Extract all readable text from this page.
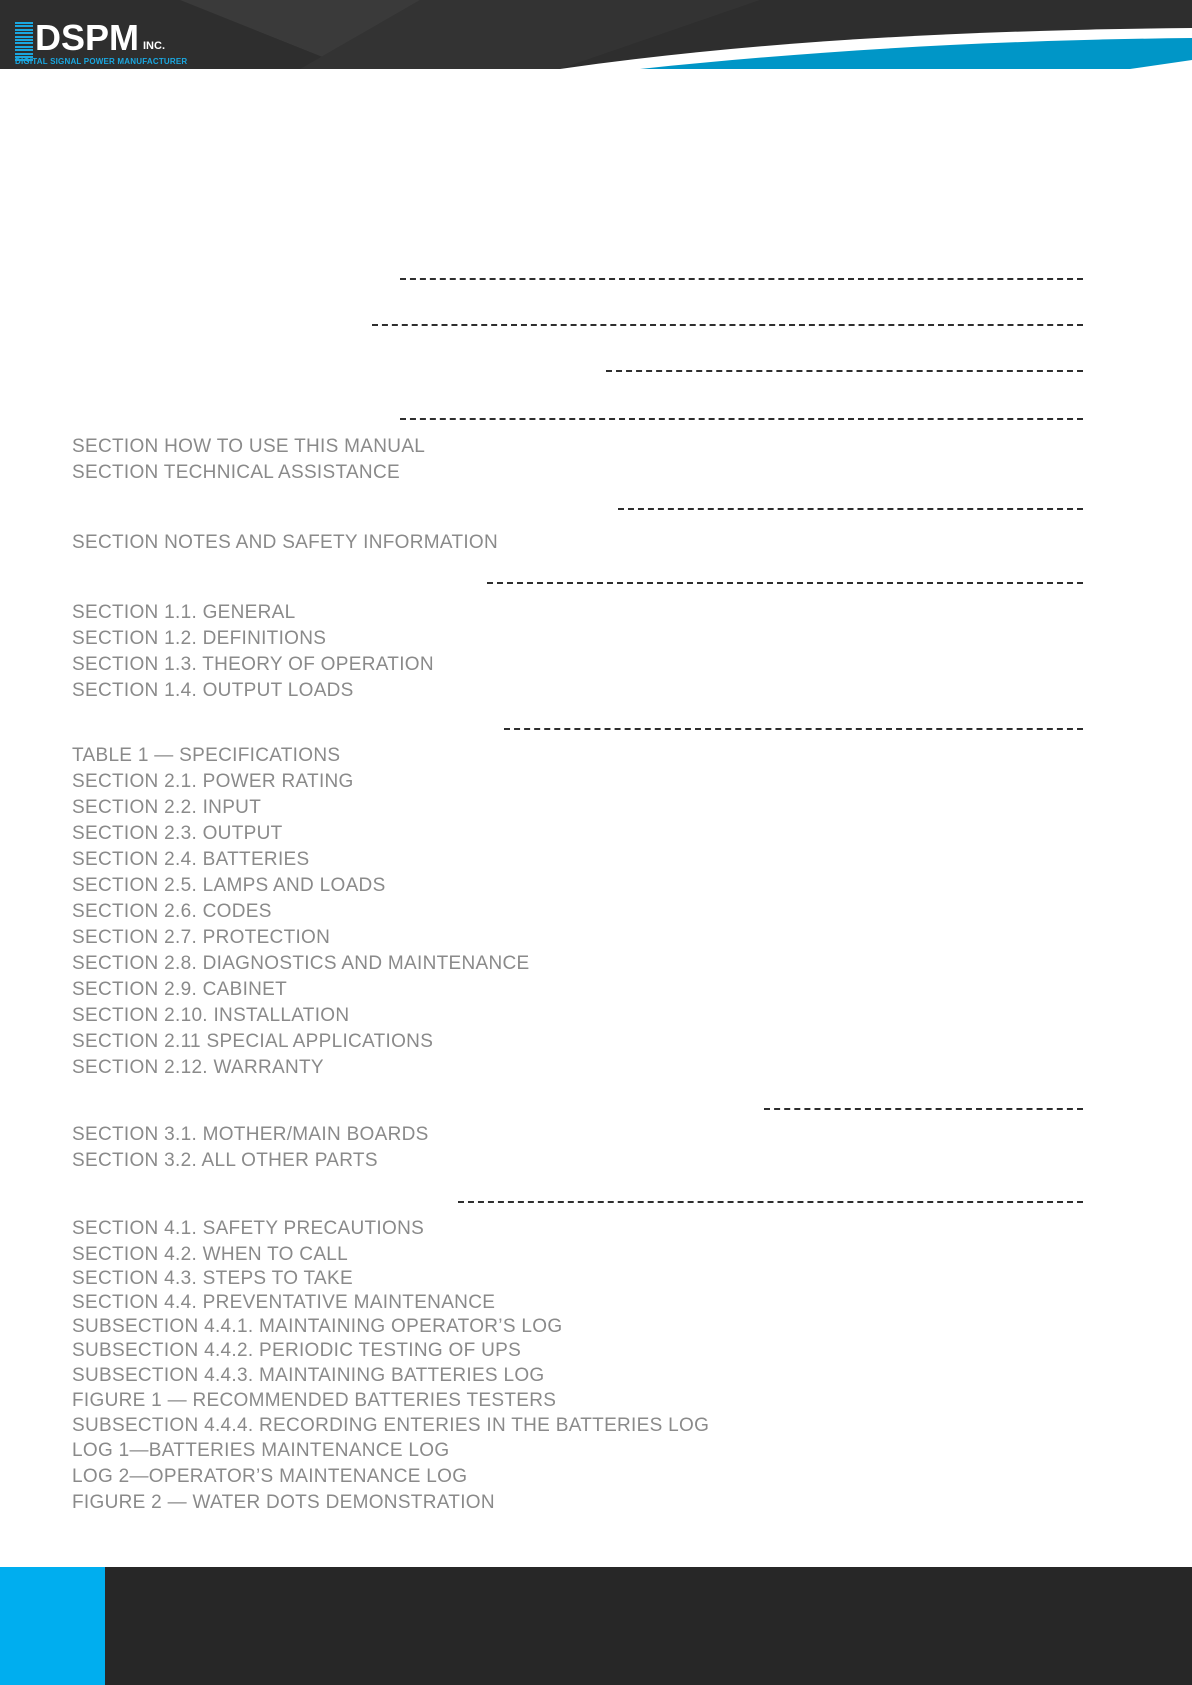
DSPM INC.
DIGITAL SIGNAL POWER MANUFACTURER
SECTION HOW TO USE THIS MANUAL
SECTION TECHNICAL ASSISTANCE
SECTION NOTES AND SAFETY INFORMATION
SECTION 1.1. GENERAL
SECTION 1.2. DEFINITIONS
SECTION 1.3. THEORY OF OPERATION
SECTION 1.4. OUTPUT LOADS
TABLE 1 — SPECIFICATIONS
SECTION 2.1. POWER RATING
SECTION 2.2. INPUT
SECTION 2.3. OUTPUT
SECTION 2.4. BATTERIES
SECTION 2.5. LAMPS AND LOADS
SECTION 2.6. CODES
SECTION 2.7. PROTECTION
SECTION 2.8. DIAGNOSTICS AND MAINTENANCE
SECTION 2.9. CABINET
SECTION 2.10. INSTALLATION
SECTION 2.11 SPECIAL APPLICATIONS
SECTION 2.12. WARRANTY
SECTION 3.1. MOTHER/MAIN BOARDS
SECTION 3.2. ALL OTHER PARTS
SECTION 4.1. SAFETY PRECAUTIONS
SECTION 4.2. WHEN TO CALL
SECTION 4.3. STEPS TO TAKE
SECTION 4.4. PREVENTATIVE MAINTENANCE
SUBSECTION 4.4.1. MAINTAINING OPERATOR’S LOG
SUBSECTION 4.4.2. PERIODIC TESTING OF UPS
SUBSECTION 4.4.3. MAINTAINING BATTERIES LOG
FIGURE 1 — RECOMMENDED BATTERIES TESTERS
SUBSECTION 4.4.4. RECORDING ENTERIES IN THE BATTERIES LOG
LOG 1—BATTERIES MAINTENANCE LOG
LOG 2—OPERATOR’S MAINTENANCE LOG
FIGURE 2 — WATER DOTS DEMONSTRATION
